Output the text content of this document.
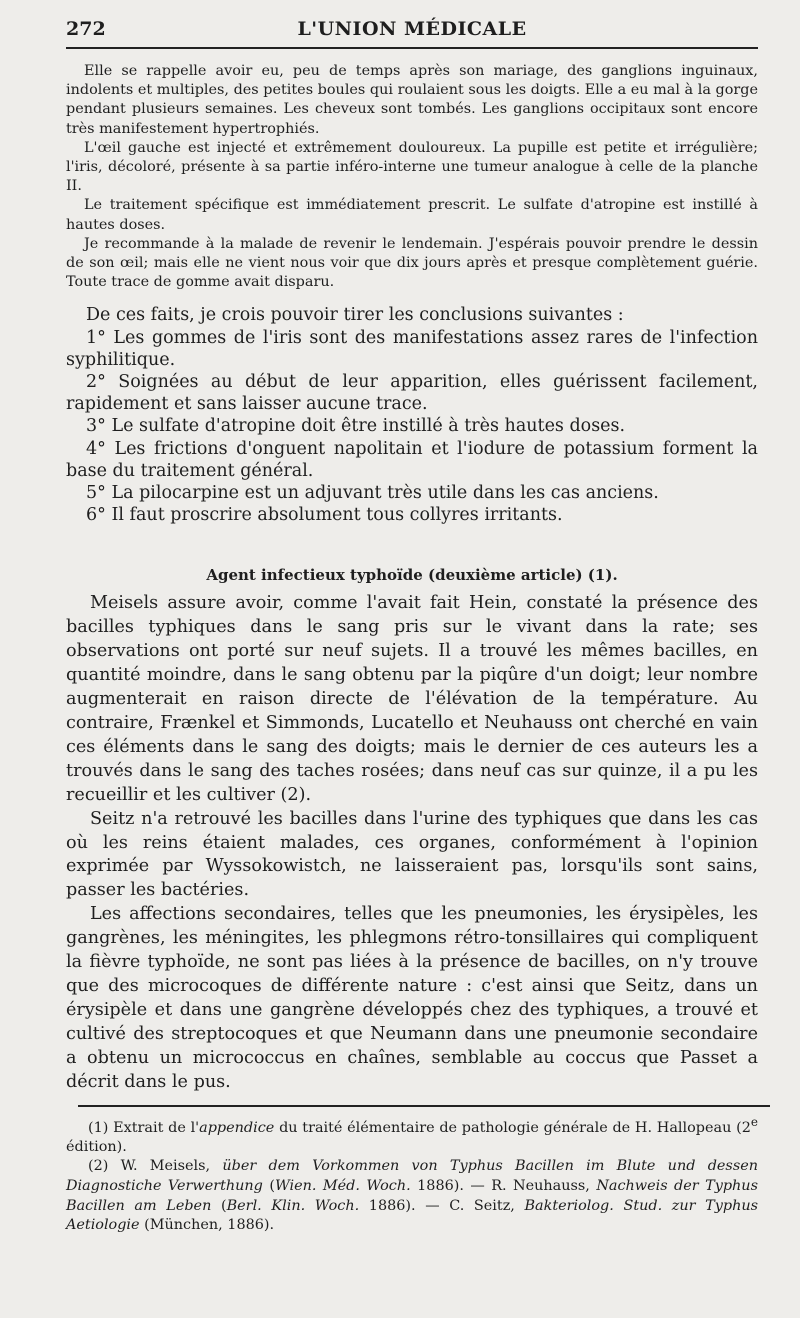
272	L'UNION MÉDICALE

Elle se rappelle avoir eu, peu de temps après son mariage, des ganglions inguinaux, indolents et multiples, des petites boules qui roulaient sous les doigts. Elle a eu mal à la gorge pendant plusieurs semaines. Les cheveux sont tombés. Les ganglions occipitaux sont encore très manifestement hypertrophiés.

L'œil gauche est injecté et extrêmement douloureux. La pupille est petite et irrégulière; l'iris, décoloré, présente à sa partie inféro-interne une tumeur analogue à celle de la planche II.

Le traitement spécifique est immédiatement prescrit. Le sulfate d'atropine est instillé à hautes doses.

Je recommande à la malade de revenir le lendemain. J'espérais pouvoir prendre le dessin de son œil; mais elle ne vient nous voir que dix jours après et presque complètement guérie. Toute trace de gomme avait disparu.

De ces faits, je crois pouvoir tirer les conclusions suivantes :

1° Les gommes de l'iris sont des manifestations assez rares de l'infection syphilitique.

2° Soignées au début de leur apparition, elles guérissent facilement, rapidement et sans laisser aucune trace.

3° Le sulfate d'atropine doit être instillé à très hautes doses.

4° Les frictions d'onguent napolitain et l'iodure de potassium forment la base du traitement général.

5° La pilocarpine est un adjuvant très utile dans les cas anciens.

6° Il faut proscrire absolument tous collyres irritants.

Agent infectieux typhoïde (deuxième article) (1).

Meisels assure avoir, comme l'avait fait Hein, constaté la présence des bacilles typhiques dans le sang pris sur le vivant dans la rate; ses observations ont porté sur neuf sujets. Il a trouvé les mêmes bacilles, en quantité moindre, dans le sang obtenu par la piqûre d'un doigt; leur nombre augmenterait en raison directe de l'élévation de la température. Au contraire, Frænkel et Simmonds, Lucatello et Neuhauss ont cherché en vain ces éléments dans le sang des doigts; mais le dernier de ces auteurs les a trouvés dans le sang des taches rosées; dans neuf cas sur quinze, il a pu les recueillir et les cultiver (2).

Seitz n'a retrouvé les bacilles dans l'urine des typhiques que dans les cas où les reins étaient malades, ces organes, conformément à l'opinion exprimée par Wyssokowistch, ne laisseraient pas, lorsqu'ils sont sains, passer les bactéries.

Les affections secondaires, telles que les pneumonies, les érysipèles, les gangrènes, les méningites, les phlegmons rétro-tonsillaires qui compliquent la fièvre typhoïde, ne sont pas liées à la présence de bacilles, on n'y trouve que des microcoques de différente nature : c'est ainsi que Seitz, dans un érysipèle et dans une gangrène développés chez des typhiques, a trouvé et cultivé des streptocoques et que Neumann dans une pneumonie secondaire a obtenu un micrococcus en chaînes, semblable au coccus que Passet a décrit dans le pus.

(1) Extrait de l'appendice du traité élémentaire de pathologie générale de H. Hallopeau (2e édition).

(2) W. Meisels, über dem Vorkommen von Typhus Bacillen im Blute und dessen Diagnostiche Verwerthung (Wien. Méd. Woch. 1886). — R. Neuhauss, Nachweis der Typhus Bacillen am Leben (Berl. Klin. Woch. 1886). — C. Seitz, Bakteriolog. Stud. zur Typhus Aetiologie (München, 1886).
